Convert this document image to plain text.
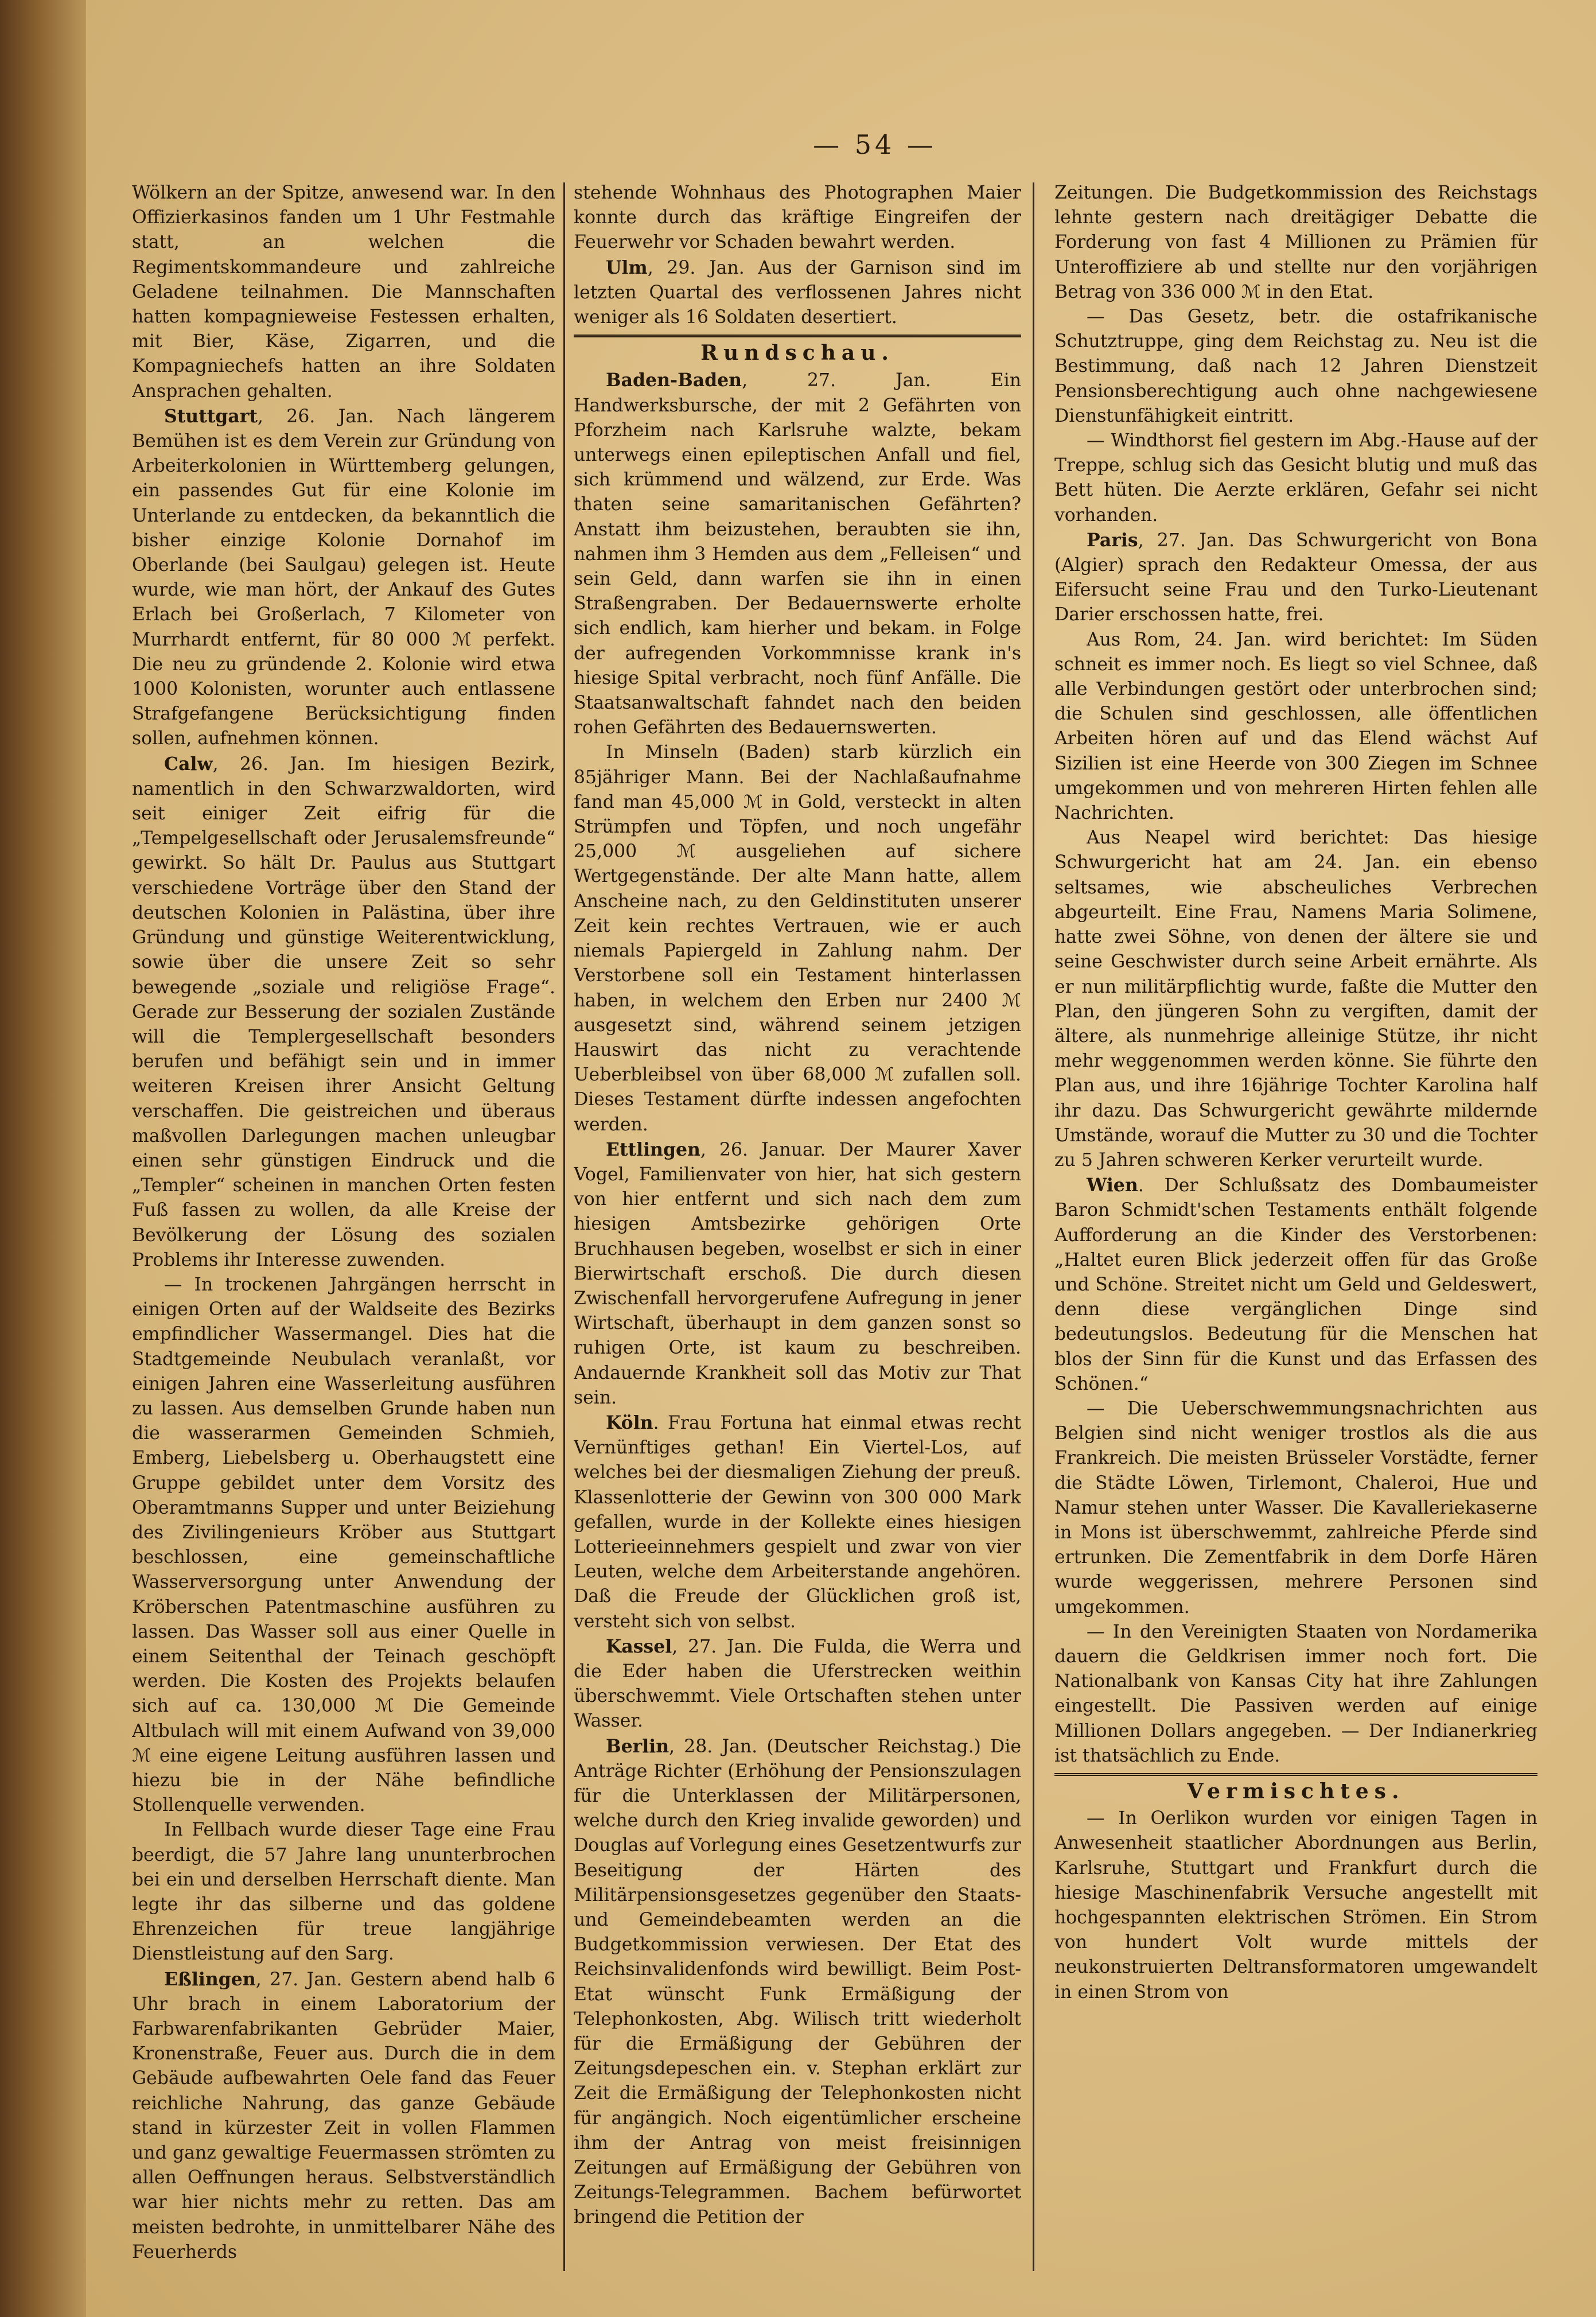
— 54 —

Wölkern an der Spitze, anwesend war. In den Offizierkasinos fanden um 1 Uhr Festmahle statt, an welchen die Regimentskommandeure und zahlreiche Geladene teilnahmen. Die Mannschaften hatten kompagnieweise Festessen erhalten, mit Bier, Käse, Zigarren, und die Kompagniechefs hatten an ihre Soldaten Ansprachen gehalten.

Stuttgart, 26. Jan. Nach längerem Bemühen ist es dem Verein zur Gründung von Arbeiterkolonien in Württemberg gelungen, ein passendes Gut für eine Kolonie im Unterlande zu entdecken, da bekanntlich die bisher einzige Kolonie Dornahof im Oberlande (bei Saulgau) gelegen ist. Heute wurde, wie man hört, der Ankauf des Gutes Erlach bei Großerlach, 7 Kilometer von Murrhardt entfernt, für 80 000 ℳ perfekt. Die neu zu gründende 2. Kolonie wird etwa 1000 Kolonisten, worunter auch entlassene Strafgefangene Berücksichtigung finden sollen, aufnehmen können.

Calw, 26. Jan. Im hiesigen Bezirk, namentlich in den Schwarzwaldorten, wird seit einiger Zeit eifrig für die „Tempelgesellschaft oder Jerusalemsfreunde“ gewirkt. So hält Dr. Paulus aus Stuttgart verschiedene Vorträge über den Stand der deutschen Kolonien in Palästina, über ihre Gründung und günstige Weiterentwicklung, sowie über die unsere Zeit so sehr bewegende „soziale und religiöse Frage“. Gerade zur Besserung der sozialen Zustände will die Templergesellschaft besonders berufen und befähigt sein und in immer weiteren Kreisen ihrer Ansicht Geltung verschaffen. Die geistreichen und überaus maßvollen Darlegungen machen unleugbar einen sehr günstigen Eindruck und die „Templer“ scheinen in manchen Orten festen Fuß fassen zu wollen, da alle Kreise der Bevölkerung der Lösung des sozialen Problems ihr Interesse zuwenden.

— In trockenen Jahrgängen herrscht in einigen Orten auf der Waldseite des Bezirks empfindlicher Wassermangel. Dies hat die Stadtgemeinde Neubulach veranlaßt, vor einigen Jahren eine Wasserleitung ausführen zu lassen. Aus demselben Grunde haben nun die wasserarmen Gemeinden Schmieh, Emberg, Liebelsberg u. Oberhaugstett eine Gruppe gebildet unter dem Vorsitz des Oberamtmanns Supper und unter Beiziehung des Zivilingenieurs Kröber aus Stuttgart beschlossen, eine gemeinschaftliche Wasserversorgung unter Anwendung der Kröberschen Patentmaschine ausführen zu lassen. Das Wasser soll aus einer Quelle in einem Seitenthal der Teinach geschöpft werden. Die Kosten des Projekts belaufen sich auf ca. 130,000 ℳ Die Gemeinde Altbulach will mit einem Aufwand von 39,000 ℳ eine eigene Leitung ausführen lassen und hiezu bie in der Nähe befindliche Stollenquelle verwenden.

In Fellbach wurde dieser Tage eine Frau beerdigt, die 57 Jahre lang ununterbrochen bei ein und derselben Herrschaft diente. Man legte ihr das silberne und das goldene Ehrenzeichen für treue langjährige Dienstleistung auf den Sarg.

Eßlingen, 27. Jan. Gestern abend halb 6 Uhr brach in einem Laboratorium der Farbwarenfabrikanten Gebrüder Maier, Kronenstraße, Feuer aus. Durch die in dem Gebäude aufbewahrten Oele fand das Feuer reichliche Nahrung, das ganze Gebäude stand in kürzester Zeit in vollen Flammen und ganz gewaltige Feuermassen strömten zu allen Oeffnungen heraus. Selbstverständlich war hier nichts mehr zu retten. Das am meisten bedrohte, in unmittelbarer Nähe des Feuerherds

stehende Wohnhaus des Photographen Maier konnte durch das kräftige Eingreifen der Feuerwehr vor Schaden bewahrt werden.

Ulm, 29. Jan. Aus der Garnison sind im letzten Quartal des verflossenen Jahres nicht weniger als 16 Soldaten desertiert.

Rundschau.

Baden-Baden, 27. Jan. Ein Handwerksbursche, der mit 2 Gefährten von Pforzheim nach Karlsruhe walzte, bekam unterwegs einen epileptischen Anfall und fiel, sich krümmend und wälzend, zur Erde. Was thaten seine samaritanischen Gefährten? Anstatt ihm beizustehen, beraubten sie ihn, nahmen ihm 3 Hemden aus dem „Felleisen“ und sein Geld, dann warfen sie ihn in einen Straßengraben. Der Bedauernswerte erholte sich endlich, kam hierher und bekam. in Folge der aufregenden Vorkommnisse krank in's hiesige Spital verbracht, noch fünf Anfälle. Die Staatsanwaltschaft fahndet nach den beiden rohen Gefährten des Bedauernswerten.

In Minseln (Baden) starb kürzlich ein 85jähriger Mann. Bei der Nachlaßaufnahme fand man 45,000 ℳ in Gold, versteckt in alten Strümpfen und Töpfen, und noch ungefähr 25,000 ℳ ausgeliehen auf sichere Wertgegenstände. Der alte Mann hatte, allem Anscheine nach, zu den Geldinstituten unserer Zeit kein rechtes Vertrauen, wie er auch niemals Papiergeld in Zahlung nahm. Der Verstorbene soll ein Testament hinterlassen haben, in welchem den Erben nur 2400 ℳ ausgesetzt sind, während seinem jetzigen Hauswirt das nicht zu verachtende Ueberbleibsel von über 68,000 ℳ zufallen soll. Dieses Testament dürfte indessen angefochten werden.

Ettlingen, 26. Januar. Der Maurer Xaver Vogel, Familienvater von hier, hat sich gestern von hier entfernt und sich nach dem zum hiesigen Amtsbezirke gehörigen Orte Bruchhausen begeben, woselbst er sich in einer Bierwirtschaft erschoß. Die durch diesen Zwischenfall hervorgerufene Aufregung in jener Wirtschaft, überhaupt in dem ganzen sonst so ruhigen Orte, ist kaum zu beschreiben. Andauernde Krankheit soll das Motiv zur That sein.

Köln. Frau Fortuna hat einmal etwas recht Vernünftiges gethan! Ein Viertel-Los, auf welches bei der diesmaligen Ziehung der preuß. Klassenlotterie der Gewinn von 300 000 Mark gefallen, wurde in der Kollekte eines hiesigen Lotterieeinnehmers gespielt und zwar von vier Leuten, welche dem Arbeiterstande angehören. Daß die Freude der Glücklichen groß ist, versteht sich von selbst.

Kassel, 27. Jan. Die Fulda, die Werra und die Eder haben die Uferstrecken weithin überschwemmt. Viele Ortschaften stehen unter Wasser.

Berlin, 28. Jan. (Deutscher Reichstag.) Die Anträge Richter (Erhöhung der Pensionszulagen für die Unterklassen der Militärpersonen, welche durch den Krieg invalide geworden) und Douglas auf Vorlegung eines Gesetzentwurfs zur Beseitigung der Härten des Militärpensionsgesetzes gegenüber den Staats- und Gemeindebeamten werden an die Budgetkommission verwiesen. Der Etat des Reichsinvalidenfonds wird bewilligt. Beim Post-Etat wünscht Funk Ermäßigung der Telephonkosten, Abg. Wilisch tritt wiederholt für die Ermäßigung der Gebühren der Zeitungsdepeschen ein. v. Stephan erklärt zur Zeit die Ermäßigung der Telephonkosten nicht für angängich. Noch eigentümlicher erscheine ihm der Antrag von meist freisinnigen Zeitungen auf Ermäßigung der Gebühren von Zeitungs-Telegrammen. Bachem befürwortet bringend die Petition der

Zeitungen. Die Budgetkommission des Reichstags lehnte gestern nach dreitägiger Debatte die Forderung von fast 4 Millionen zu Prämien für Unteroffiziere ab und stellte nur den vorjährigen Betrag von 336 000 ℳ in den Etat.

— Das Gesetz, betr. die ostafrikanische Schutztruppe, ging dem Reichstag zu. Neu ist die Bestimmung, daß nach 12 Jahren Dienstzeit Pensionsberechtigung auch ohne nachgewiesene Dienstunfähigkeit eintritt.

— Windthorst fiel gestern im Abg.-Hause auf der Treppe, schlug sich das Gesicht blutig und muß das Bett hüten. Die Aerzte erklären, Gefahr sei nicht vorhanden.

Paris, 27. Jan. Das Schwurgericht von Bona (Algier) sprach den Redakteur Omessa, der aus Eifersucht seine Frau und den Turko-Lieutenant Darier erschossen hatte, frei.

Aus Rom, 24. Jan. wird berichtet: Im Süden schneit es immer noch. Es liegt so viel Schnee, daß alle Verbindungen gestört oder unterbrochen sind; die Schulen sind geschlossen, alle öffentlichen Arbeiten hören auf und das Elend wächst Auf Sizilien ist eine Heerde von 300 Ziegen im Schnee umgekommen und von mehreren Hirten fehlen alle Nachrichten.

Aus Neapel wird berichtet: Das hiesige Schwurgericht hat am 24. Jan. ein ebenso seltsames, wie abscheuliches Verbrechen abgeurteilt. Eine Frau, Namens Maria Solimene, hatte zwei Söhne, von denen der ältere sie und seine Geschwister durch seine Arbeit ernährte. Als er nun militärpflichtig wurde, faßte die Mutter den Plan, den jüngeren Sohn zu vergiften, damit der ältere, als nunmehrige alleinige Stütze, ihr nicht mehr weggenommen werden könne. Sie führte den Plan aus, und ihre 16jährige Tochter Karolina half ihr dazu. Das Schwurgericht gewährte mildernde Umstände, worauf die Mutter zu 30 und die Tochter zu 5 Jahren schweren Kerker verurteilt wurde.

Wien. Der Schlußsatz des Dombaumeister Baron Schmidt'schen Testaments enthält folgende Aufforderung an die Kinder des Verstorbenen: „Haltet euren Blick jederzeit offen für das Große und Schöne. Streitet nicht um Geld und Geldeswert, denn diese vergänglichen Dinge sind bedeutungslos. Bedeutung für die Menschen hat blos der Sinn für die Kunst und das Erfassen des Schönen.“

— Die Ueberschwemmungsnachrichten aus Belgien sind nicht weniger trostlos als die aus Frankreich. Die meisten Brüsseler Vorstädte, ferner die Städte Löwen, Tirlemont, Chaleroi, Hue und Namur stehen unter Wasser. Die Kavalleriekaserne in Mons ist überschwemmt, zahlreiche Pferde sind ertrunken. Die Zementfabrik in dem Dorfe Hären wurde weggerissen, mehrere Personen sind umgekommen.

— In den Vereinigten Staaten von Nordamerika dauern die Geldkrisen immer noch fort. Die Nationalbank von Kansas City hat ihre Zahlungen eingestellt. Die Passiven werden auf einige Millionen Dollars angegeben. — Der Indianerkrieg ist thatsächlich zu Ende.

Vermischtes.

— In Oerlikon wurden vor einigen Tagen in Anwesenheit staatlicher Abordnungen aus Berlin, Karlsruhe, Stuttgart und Frankfurt durch die hiesige Maschinenfabrik Versuche angestellt mit hochgespannten elektrischen Strömen. Ein Strom von hundert Volt wurde mittels der neukonstruierten Deltransformatoren umgewandelt in einen Strom von
